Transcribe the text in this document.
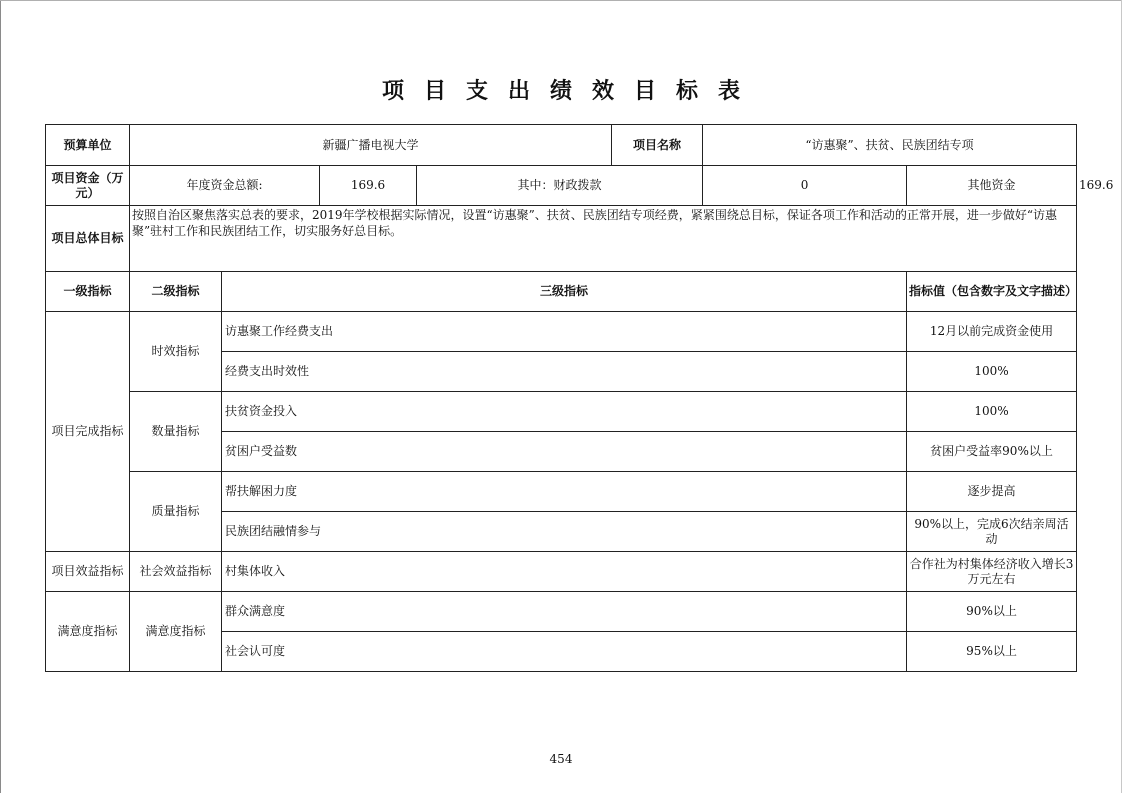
项目支出绩效目标表
预算单位	新疆广播电视大学				项目名称	“访惠聚”、扶贫、民族团结专项		
项目资金（万元）	年度资金总额:		169.6	其中：财政拨款		0	其他资金	169.6
项目总体目标	按照自治区聚焦落实总表的要求，2019年学校根据实际情况，设置“访惠聚”、扶贫、民族团结专项经费，紧紧围绕总目标，保证各项工作和活动的正常开展，进一步做好“访惠聚”驻村工作和民族团结工作，切实服务好总目标。							
一级指标	二级指标	三级指标					指标值（包含数字及文字描述）	
项目完成指标	时效指标	访惠聚工作经费支出					12月以前完成资金使用	
		经费支出时效性					100%	
	数量指标	扶贫资金投入					100%	
		贫困户受益数					贫困户受益率90%以上	
	质量指标	帮扶解困力度					逐步提高	
		民族团结融情参与					90%以上，完成6次结亲周活动	
项目效益指标	社会效益指标	村集体收入					合作社为村集体经济收入增长3万元左右	
满意度指标	满意度指标	群众满意度					90%以上	
		社会认可度					95%以上	
454
